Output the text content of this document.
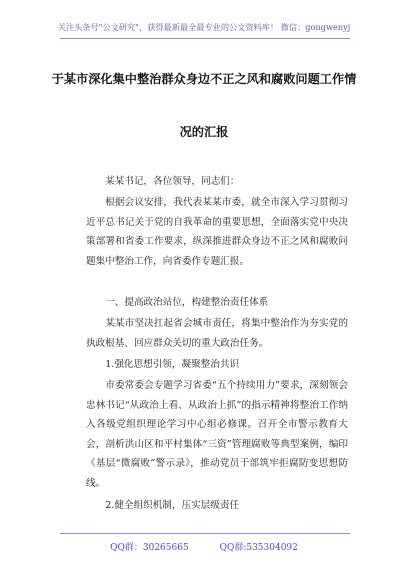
关注头条号"公文研究"，获得最新最全最专业的公文资料库！ 微信：gongwenyj
于某市深化集中整治群众身边不正之风和腐败问题工作情
况的汇报
某某书记，各位领导，同志们：
根据会议安排，我代表某某市委，就全市深入学习贯彻习近平总书记关于党的自我革命的重要思想，全面落实党中央决策部署和省委工作要求，纵深推进群众身边不正之风和腐败问题集中整治工作，向省委作专题汇报。
一、提高政治站位，构建整治责任体系
某某市坚决扛起省会城市责任，将集中整治作为夯实党的执政根基、回应群众关切的重大政治任务。
1.强化思想引领，凝聚整治共识
市委常委会专题学习省委“五个持续用力”要求，深刻领会忠林书记“从政治上看、从政治上抓”的指示精神将整治工作纳入各级党组织理论学习中心组必修课。召开全市警示教育大会，剖析洪山区和平村集体“三资”管理腐败等典型案例，编印《基层“微腐败”警示录》，推动党员干部筑牢拒腐防变思想防线。
2.健全组织机制，压实层级责任
QQ群：30265665	QQ群:535304092
